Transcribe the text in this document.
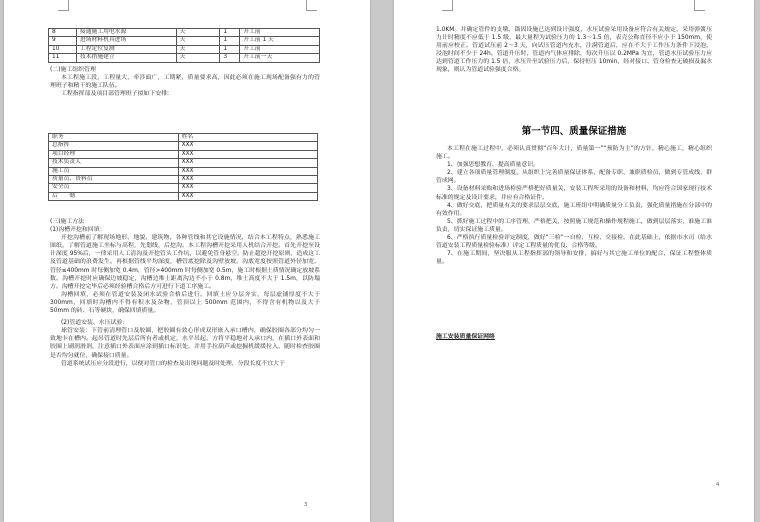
8	接通施工用电水源	天	1	开工前
9	进场材料机具进场	天	1	开工前 1 天
10	工程定位复测	天	1	开工前
11	技术措施建立	天	3	开工前一天

(二)施工组织管理

本工程施工段，工程量大，牵涉面广，工期紧，质量要求高，因此必须在施工现场配备强有力的管理班子和精干的施工队伍。

工程指挥部及项目部管理班子拟如下安排:

职务	姓名
总指挥	XXX
项目经理	XXX
技术负责人	XXX
施工员	XXX
质量员、资料员	XXX
安全员	XXX
后　　勤	XXX

(三)施工方法

(1)沟槽开挖和回填：

开挖沟槽前了解现场地形、地貌、建筑物，各种管线和其它设施情况，结合本工程特点，熟悉施工图纸。了解管道施工坐标与高程，先划线，后挖沟。本工程沟槽开挖采用人机结合开挖。首先开挖至设计深度 95%后，一律采用人工清沟及开挖管头工作坑，以避免管身悬空。防止超挖开挖原则，造成这工及管道基础的浪费发生。再根据管线平均深度，槽管底挖除及沟壁放坡。沟底宽度按照管道外径加宽，管径≤400mm 时每侧加宽 0.4m，管径>400mm 时每侧加宽 0.5m，施工时根据土质情况确定放坡系数。沟槽开挖时应确保边坡稳定，沟槽边堆土距离沟边不小于 0.8m，堆土高度不大于 1.5m，以防塌方。沟槽开挖完毕后必须经验槽合格后方可进行下道工序施工。

沟槽回填，必须在管道安装及闭水试验合格后进行。回填土应分层夯实，每层虚铺厚度不大于 300mm，回填时沟槽内不得有积水及杂物，管顶以上 500mm 范围内，不得含有机物以及大于 50mm 的砖、石等硬块，确保回填质量。

(2)管道安装、水压试验：

球管安装：下管前清理管口及胶圈，把胶圈有效心形成双形嵌入承口槽内，确保胶圈各部分均匀一致地卡在槽内。起吊管道时先层后所有者或机定，水平吊起，方将平稳地对入承口内，在插口外表面和胶圈上刷润滑剂，注意插口外表面应涂到插口标识处，并用手拉葫芦或挖掘机缓缓拉入，随时检查胶圈是否均匀就位，确保接口质量。

管道系统试压应分段进行，以便对管口的检查及出现问题及时处理，分段长度不宜大于

3

1.0KM。并确定管件的支墩、锚固设施已达到设计强度，水压试验采用设备应符合有关规定，采用弹簧压力计时精度不应低于 1.5 级，最大量程为试验压力的 1.3～1.5 倍，表壳公称直径不应小于 150mm，使用前应校正。管道试压前 2～3 天，向试压管道内充水，注满管道后，应在不大于工作压力条件下浸泡，浸泡时间不少于 24h。管道升压时，管道内气体应排除，每次升压以 0.2MPa 为宜，管道水压试验压力应达到管道工作压力的 1.5 倍，水压升至试验压力后，保持恒压 10min，经对接口、管身检查无破损及漏水现象，则认为管道试验强度合格。

第一节四、质量保证措施

本工程在施工过程中，必须认真贯彻“百年大计，质量第一”“预防为主”的方针，精心施工，精心组织施工。

1、加强思想教育，提高质量意识。

2、建立各项质量管理制度，从组织上完善质量保证体系，配备专职、兼职质检员，做到专管成线，群管成网。

3、设备材料采购和进场检验严格把好质量关，安装工程所采用的设备和材料，均应符合国家现行技术标准的规定及设计要求，并应有合格证件。

4、做好交底，把质量有关的要求层层交底，施工班组中明确质量分工负责，强化质量措施在分部中的有效作用。

5、抓好施工过程中的工序管理，严格把关，按照施工规范和操作规程施工，做到层层落实，谁施工谁负责，切实保证施工质量。

6、严格执行质量检验评定制度，做好“三检”一自检、互检、交接检，在此基础上，依据市水司（给水管道安装工程质量检验标准）评定工程质量的优良、合格等级。

7、在施工期间，坚决服从工程指挥部的领导和安排，搞好与其它施工单位的配合，保证工程整体质量。

施工安装质量保证网络

4
